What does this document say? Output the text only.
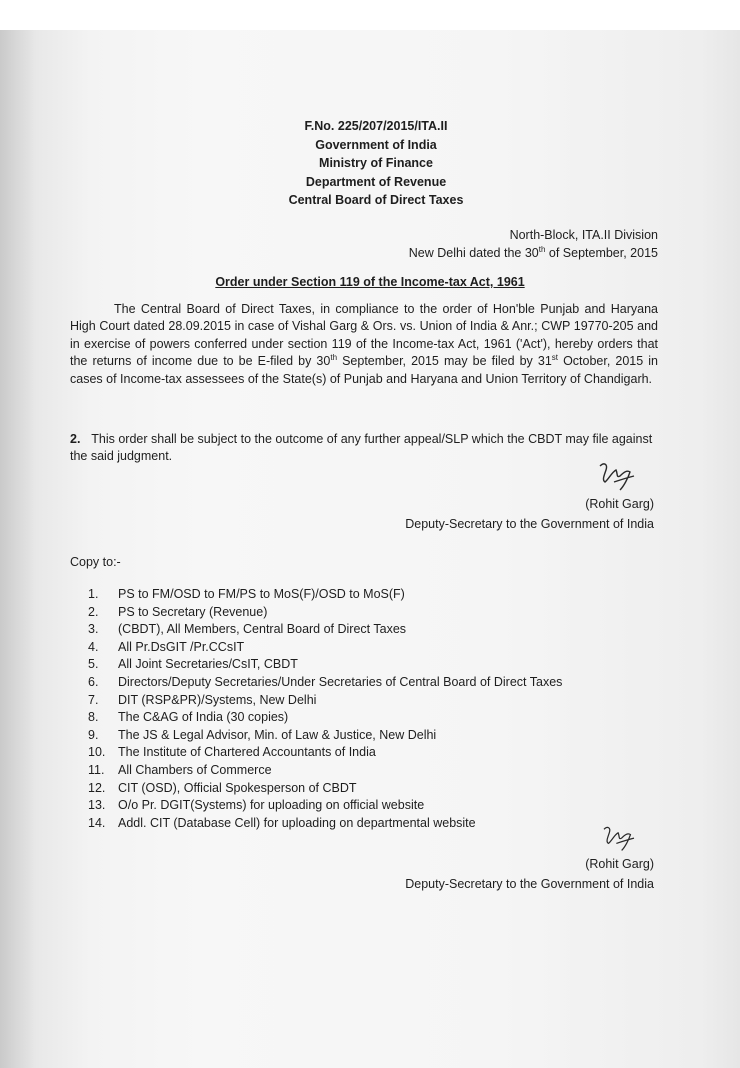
F.No. 225/207/2015/ITA.II
Government of India
Ministry of Finance
Department of Revenue
Central Board of Direct Taxes
North-Block, ITA.II Division
New Delhi dated the 30th of September, 2015
Order under Section 119 of the Income-tax Act, 1961
The Central Board of Direct Taxes, in compliance to the order of Hon'ble Punjab and Haryana High Court dated 28.09.2015 in case of Vishal Garg & Ors. vs. Union of India & Anr.; CWP 19770-205 and in exercise of powers conferred under section 119 of the Income-tax Act, 1961 ('Act'), hereby orders that the returns of income due to be E-filed by 30th September, 2015 may be filed by 31st October, 2015 in cases of Income-tax assessees of the State(s) of Punjab and Haryana and Union Territory of Chandigarh.
2. This order shall be subject to the outcome of any further appeal/SLP which the CBDT may file against the said judgment.
(Rohit Garg)
Deputy-Secretary to the Government of India
Copy to:-
1. PS to FM/OSD to FM/PS to MoS(F)/OSD to MoS(F)
2. PS to Secretary (Revenue)
3. (CBDT), All Members, Central Board of Direct Taxes
4. All Pr.DsGIT /Pr.CCsIT
5. All Joint Secretaries/CsIT, CBDT
6. Directors/Deputy Secretaries/Under Secretaries of Central Board of Direct Taxes
7. DIT (RSP&PR)/Systems, New Delhi
8. The C&AG of India (30 copies)
9. The JS & Legal Advisor, Min. of Law & Justice, New Delhi
10. The Institute of Chartered Accountants of India
11. All Chambers of Commerce
12. CIT (OSD), Official Spokesperson of CBDT
13. O/o Pr. DGIT(Systems) for uploading on official website
14. Addl. CIT (Database Cell) for uploading on departmental website
(Rohit Garg)
Deputy-Secretary to the Government of India
